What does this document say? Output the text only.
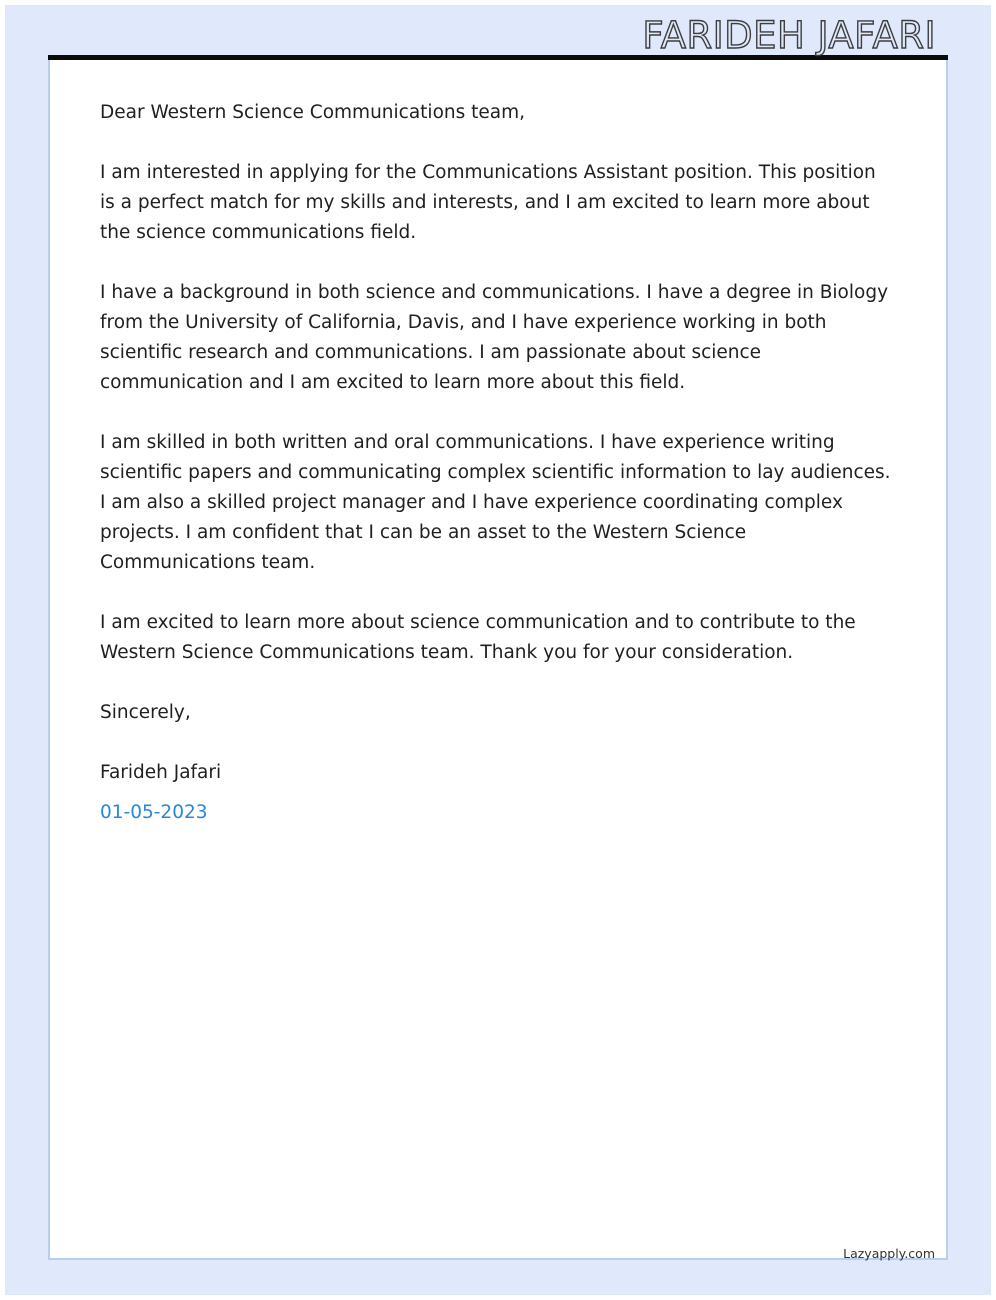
FARIDEH JAFARI

Dear Western Science Communications team,

I am interested in applying for the Communications Assistant position. This position is a perfect match for my skills and interests, and I am excited to learn more about the science communications field.

I have a background in both science and communications. I have a degree in Biology from the University of California, Davis, and I have experience working in both scientific research and communications. I am passionate about science communication and I am excited to learn more about this field.

I am skilled in both written and oral communications. I have experience writing scientific papers and communicating complex scientific information to lay audiences. I am also a skilled project manager and I have experience coordinating complex projects. I am confident that I can be an asset to the Western Science Communications team.

I am excited to learn more about science communication and to contribute to the Western Science Communications team. Thank you for your consideration.

Sincerely,

Farideh Jafari

01-05-2023

Lazyapply.com
